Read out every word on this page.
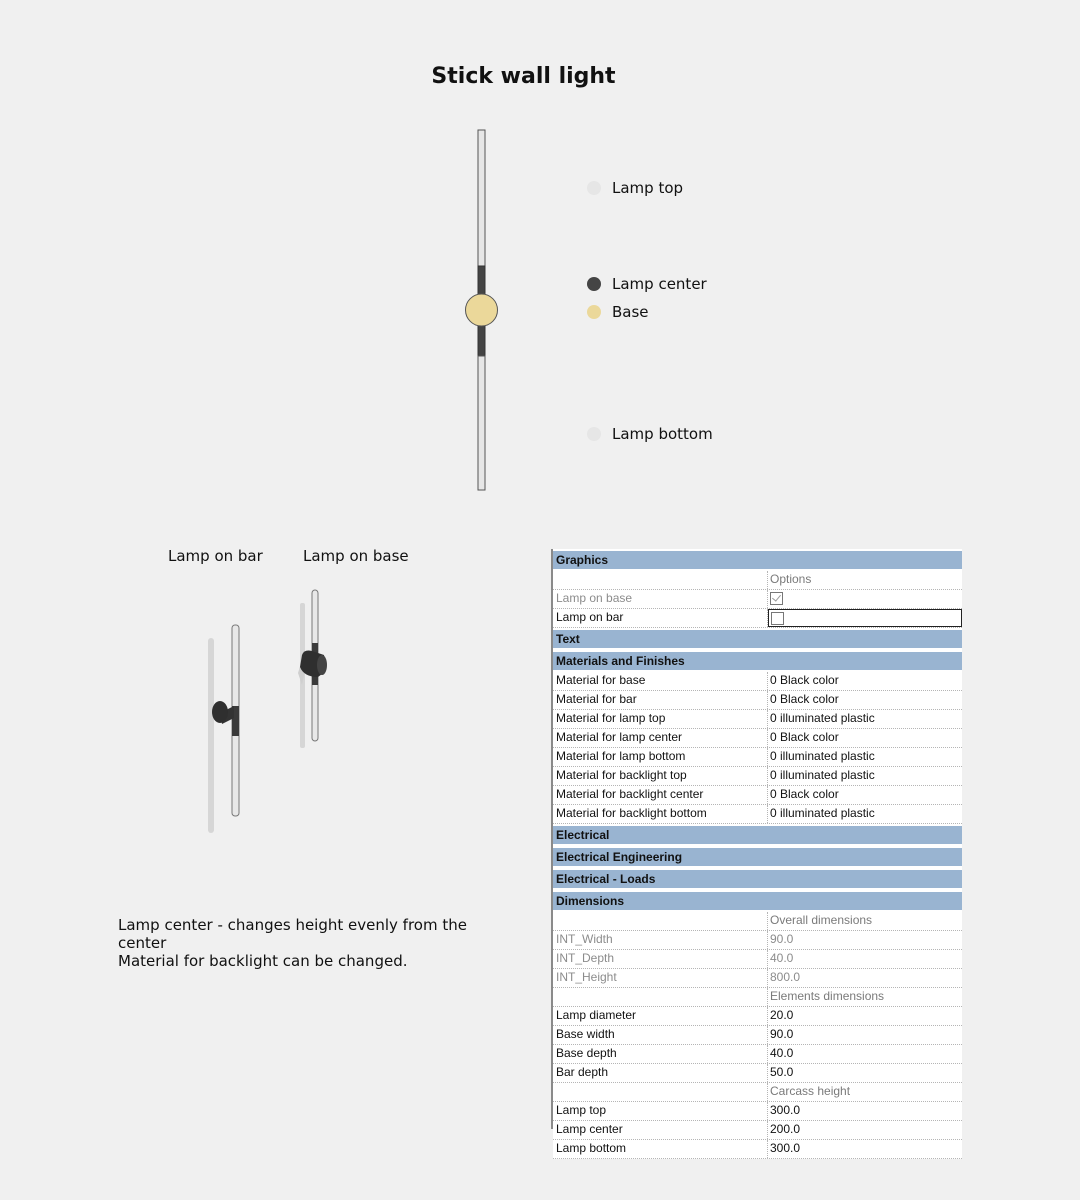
Stick wall light
Lamp top
Lamp center
Base
Lamp bottom
Lamp on bar	Lamp on base
Lamp center - changes height evenly from the center
Material for backlight can be changed.
Graphics
Options
Lamp on base
Lamp on bar
Text
Materials and Finishes
Material for base	0 Black color
Material for bar	0 Black color
Material for lamp top	0 illuminated plastic
Material for lamp center	0 Black color
Material for lamp bottom	0 illuminated plastic
Material for backlight top	0 illuminated plastic
Material for backlight center	0 Black color
Material for backlight bottom	0 illuminated plastic
Electrical
Electrical Engineering
Electrical - Loads
Dimensions
Overall dimensions
INT_Width	90.0
INT_Depth	40.0
INT_Height	800.0
Elements dimensions
Lamp diameter	20.0
Base width	90.0
Base depth	40.0
Bar depth	50.0
Carcass height
Lamp top	300.0
Lamp center	200.0
Lamp bottom	300.0
